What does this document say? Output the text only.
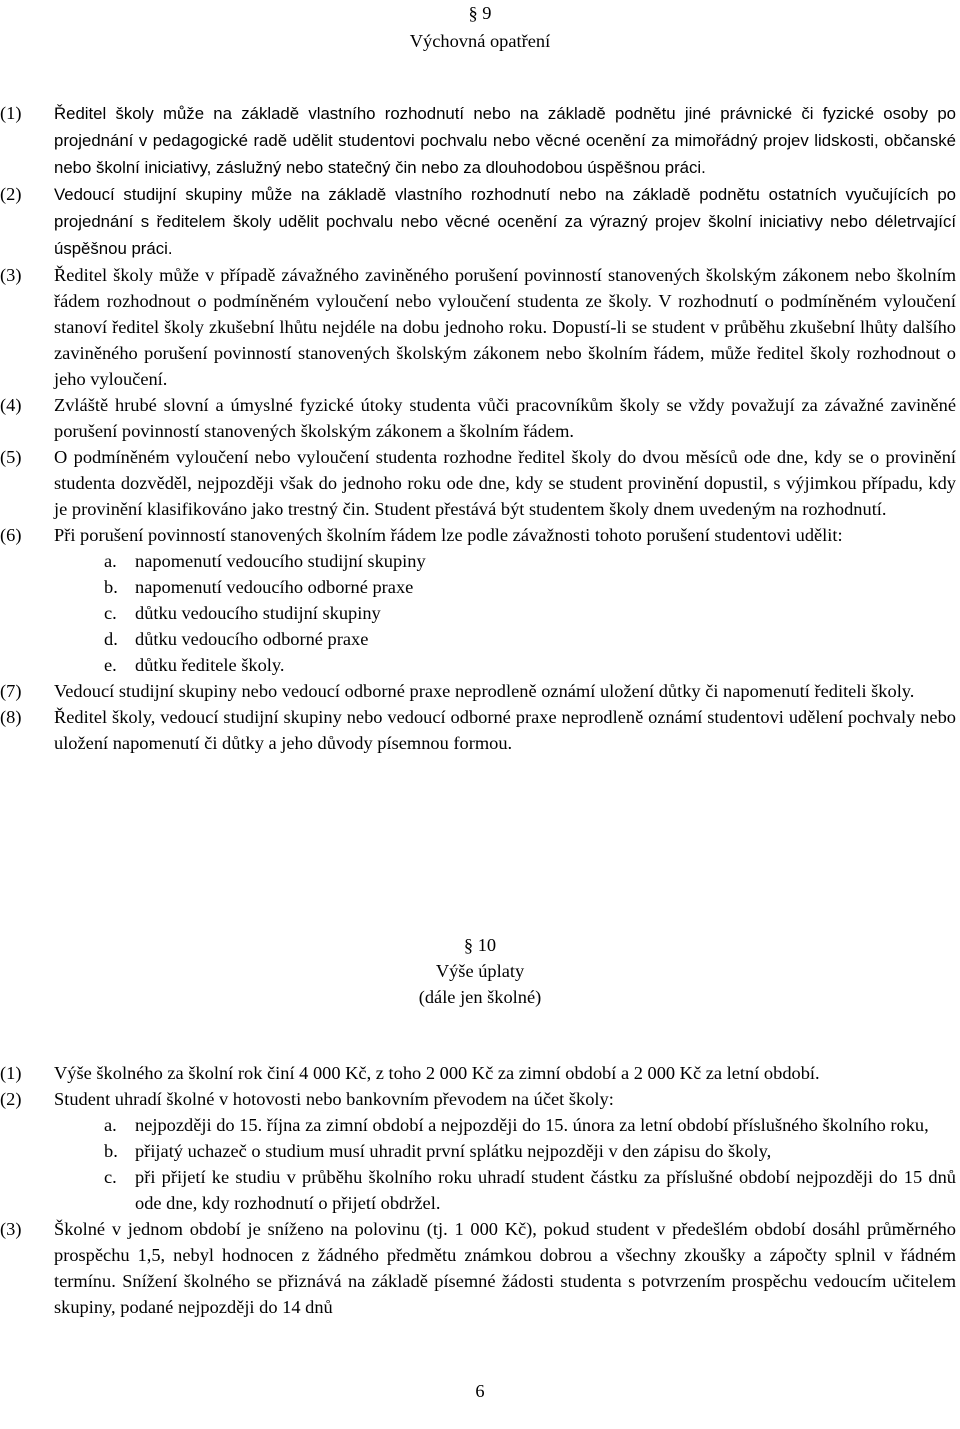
§ 9
Výchovná opatření
(1) Ředitel školy může na základě vlastního rozhodnutí nebo na základě podnětu jiné právnické či fyzické osoby po projednání v pedagogické radě udělit studentovi pochvalu nebo věcné ocenění za mimořádný projev lidskosti, občanské nebo školní iniciativy, záslužný nebo statečný čin nebo za dlouhodobou úspěšnou práci.
(2) Vedoucí studijní skupiny může na základě vlastního rozhodnutí nebo na základě podnětu ostatních vyučujících po projednání s ředitelem školy udělit pochvalu nebo věcné ocenění za výrazný projev školní iniciativy nebo déletrvající úspěšnou práci.
(3) Ředitel školy může v případě závažného zaviněného porušení povinností stanovených školským zákonem nebo školním řádem rozhodnout o podmíněném vyloučení nebo vyloučení studenta ze školy. V rozhodnutí o podmíněném vyloučení stanoví ředitel školy zkušební lhůtu nejdéle na dobu jednoho roku. Dopustí-li se student v průběhu zkušební lhůty dalšího zaviněného porušení povinností stanovených školským zákonem nebo školním řádem, může ředitel školy rozhodnout o jeho vyloučení.
(4) Zvláště hrubé slovní a úmyslné fyzické útoky studenta vůči pracovníkům školy se vždy považují za závažné zaviněné porušení povinností stanovených školským zákonem a školním řádem.
(5) O podmíněném vyloučení nebo vyloučení studenta rozhodne ředitel školy do dvou měsíců ode dne, kdy se o provinění studenta dozvěděl, nejpozději však do jednoho roku ode dne, kdy se student provinění dopustil, s výjimkou případu, kdy je provinění klasifikováno jako trestný čin. Student přestává být studentem školy dnem uvedeným na rozhodnutí.
(6) Při porušení povinností stanovených školním řádem lze podle závažnosti tohoto porušení studentovi udělit:
a. napomenutí vedoucího studijní skupiny
b. napomenutí vedoucího odborné praxe
c. důtku vedoucího studijní skupiny
d. důtku vedoucího odborné praxe
e. důtku ředitele školy.
(7) Vedoucí studijní skupiny nebo vedoucí odborné praxe neprodleně oznámí uložení důtky či napomenutí řediteli školy.
(8) Ředitel školy, vedoucí studijní skupiny nebo vedoucí odborné praxe neprodleně oznámí studentovi udělení pochvaly nebo uložení napomenutí či důtky a jeho důvody písemnou formou.
§ 10
Výše úplaty
(dále jen školné)
(1) Výše školného za školní rok činí 4 000 Kč, z toho 2 000 Kč za zimní období a 2 000 Kč za letní období.
(2) Student uhradí školné v hotovosti nebo bankovním převodem na účet školy:
a. nejpozději do 15. října za zimní období a nejpozději do 15. února za letní období příslušného školního roku,
b. přijatý uchazeč o studium musí uhradit první splátku nejpozději v den zápisu do školy,
c. při přijetí ke studiu v průběhu školního roku uhradí student částku za příslušné období nejpozději do 15 dnů ode dne, kdy rozhodnutí o přijetí obdržel.
(3) Školné v jednom období je sníženo na polovinu (tj. 1 000 Kč), pokud student v předešlém období dosáhl průměrného prospěchu 1,5, nebyl hodnocen z žádného předmětu známkou dobrou a všechny zkoušky a zápočty splnil v řádném termínu. Snížení školného se přiznává na základě písemné žádosti studenta s potvrzením prospěchu vedoucím učitelem skupiny, podané nejpozději do 14 dnů
6
